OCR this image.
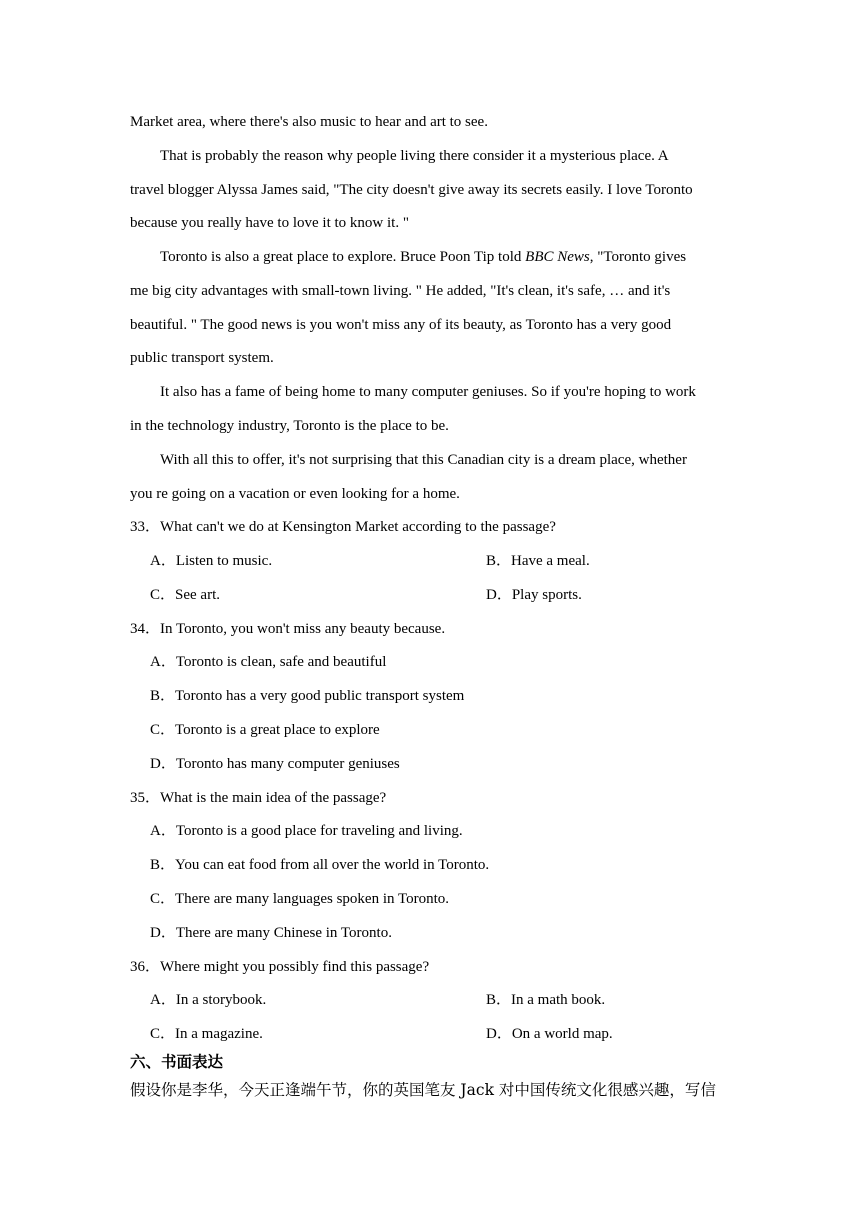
Market area, where there's also music to hear and art to see.
That is probably the reason why people living there consider it a mysterious place. A
travel blogger Alyssa James said, "The city doesn't give away its secrets easily. I love Toronto
because you really have to love it to know it. "
Toronto is also a great place to explore. Bruce Poon Tip told BBC News, "Toronto gives
me big city advantages with small-town living. " He added, "It's clean, it's safe, … and it's
beautiful. " The good news is you won't miss any of its beauty, as Toronto has a very good
public transport system.
It also has a fame of being home to many computer geniuses. So if you're hoping to work
in the technology industry, Toronto is the place to be.
With all this to offer, it's not surprising that this Canadian city is a dream place, whether
you re going on a vacation or even looking for a home.
33．What can't we do at Kensington Market according to the passage?
A．Listen to music.	B．Have a meal.
C．See art.	D．Play sports.
34．In Toronto, you won't miss any beauty because.
A．Toronto is clean, safe and beautiful
B．Toronto has a very good public transport system
C．Toronto is a great place to explore
D．Toronto has many computer geniuses
35．What is the main idea of the passage?
A．Toronto is a good place for traveling and living.
B．You can eat food from all over the world in Toronto.
C．There are many languages spoken in Toronto.
D．There are many Chinese in Toronto.
36．Where might you possibly find this passage?
A．In a storybook.	B．In a math book.
C．In a magazine.	D．On a world map.
六、书面表达
假设你是李华，今天正逢端午节，你的英国笔友 Jack 对中国传统文化很感兴趣，写信
